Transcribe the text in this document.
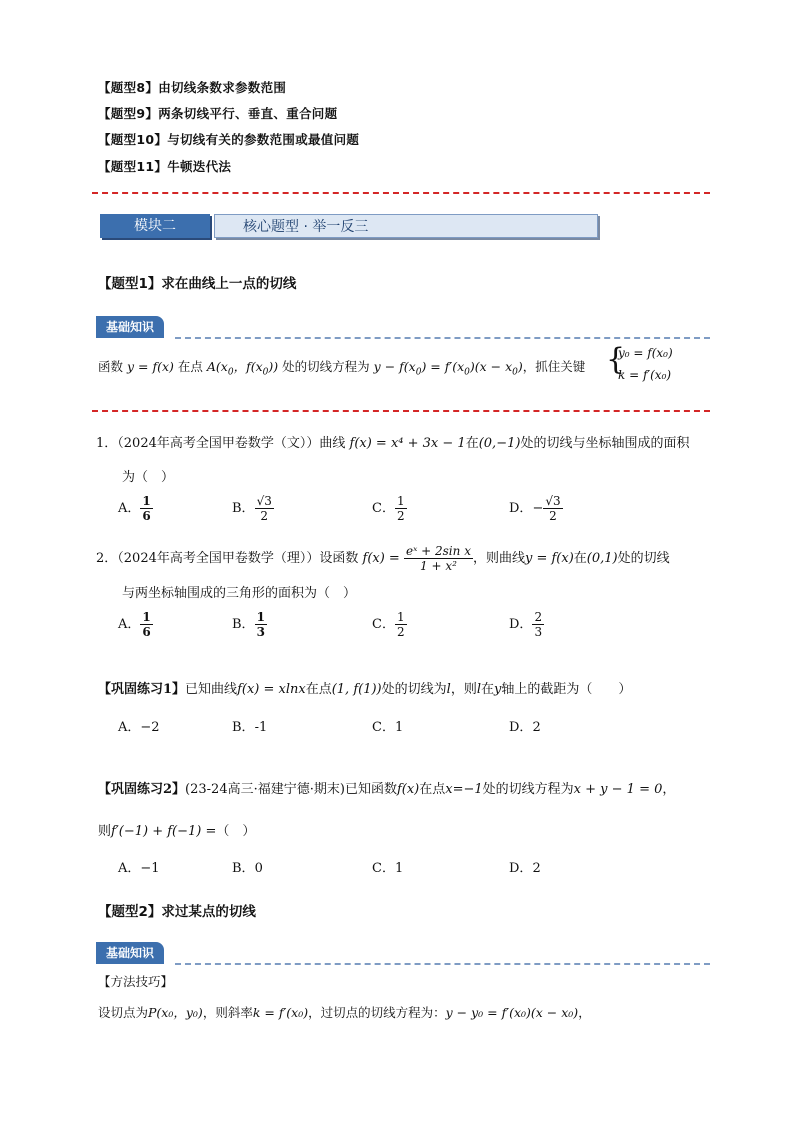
【题型8】由切线条数求参数范围
【题型9】两条切线平行、垂直、重合问题
【题型10】与切线有关的参数范围或最值问题
【题型11】牛顿迭代法
模块二	核心题型 · 举一反三
【题型1】求在曲线上一点的切线
基础知识
函数 y = f(x) 在点 $A(x_0$，$f(x_0)$) 处的切线方程为 $y - f(x_0) = f'(x_0)(x - x_0)$，抓住关键 {
y₀ = f(x₀)
k = f′(x₀)
1．（2024年高考全国甲卷数学（文））曲线 f(x) = x⁴ + 3x − 1在(0,−1)处的切线与坐标轴围成的面积
为（　）
A． $\frac{1}{6}$	B． $\frac{√3}{2}$	C． $\frac{1}{2}$	D．− $\frac{√3}{2}$
2．（2024年高考全国甲卷数学（理））设函数 $f(x) = \frac{\text{eˣ + 2sin x}}{\text{1 + x²}}$ ，则曲线y = f(x)在(0,1)处的切线
与两坐标轴围成的三角形的面积为（　）
A． $\frac{1}{6}$	B． $\frac{1}{3}$	C． $\frac{1}{2}$	D． $\frac{2}{3}$
【巩固练习1】已知曲线f(x) = xlnx在点(1, f(1))处的切线为l，则l在y轴上的截距为（　　）
A．−2	B．-1	C．1	D．2
【巩固练习2】(23-24高三·福建宁德·期末)已知函数f(x)在点x=−1处的切线方程为x + y − 1 = 0，
则f′(−1) + f(−1) =（　）
A．−1	B．0	C．1	D．2
【题型2】求过某点的切线
基础知识
【方法技巧】
设切点为P(x₀，y₀)，则斜率k = f′(x₀)，过切点的切线方程为：y − y₀ = f′(x₀)(x − x₀)，
